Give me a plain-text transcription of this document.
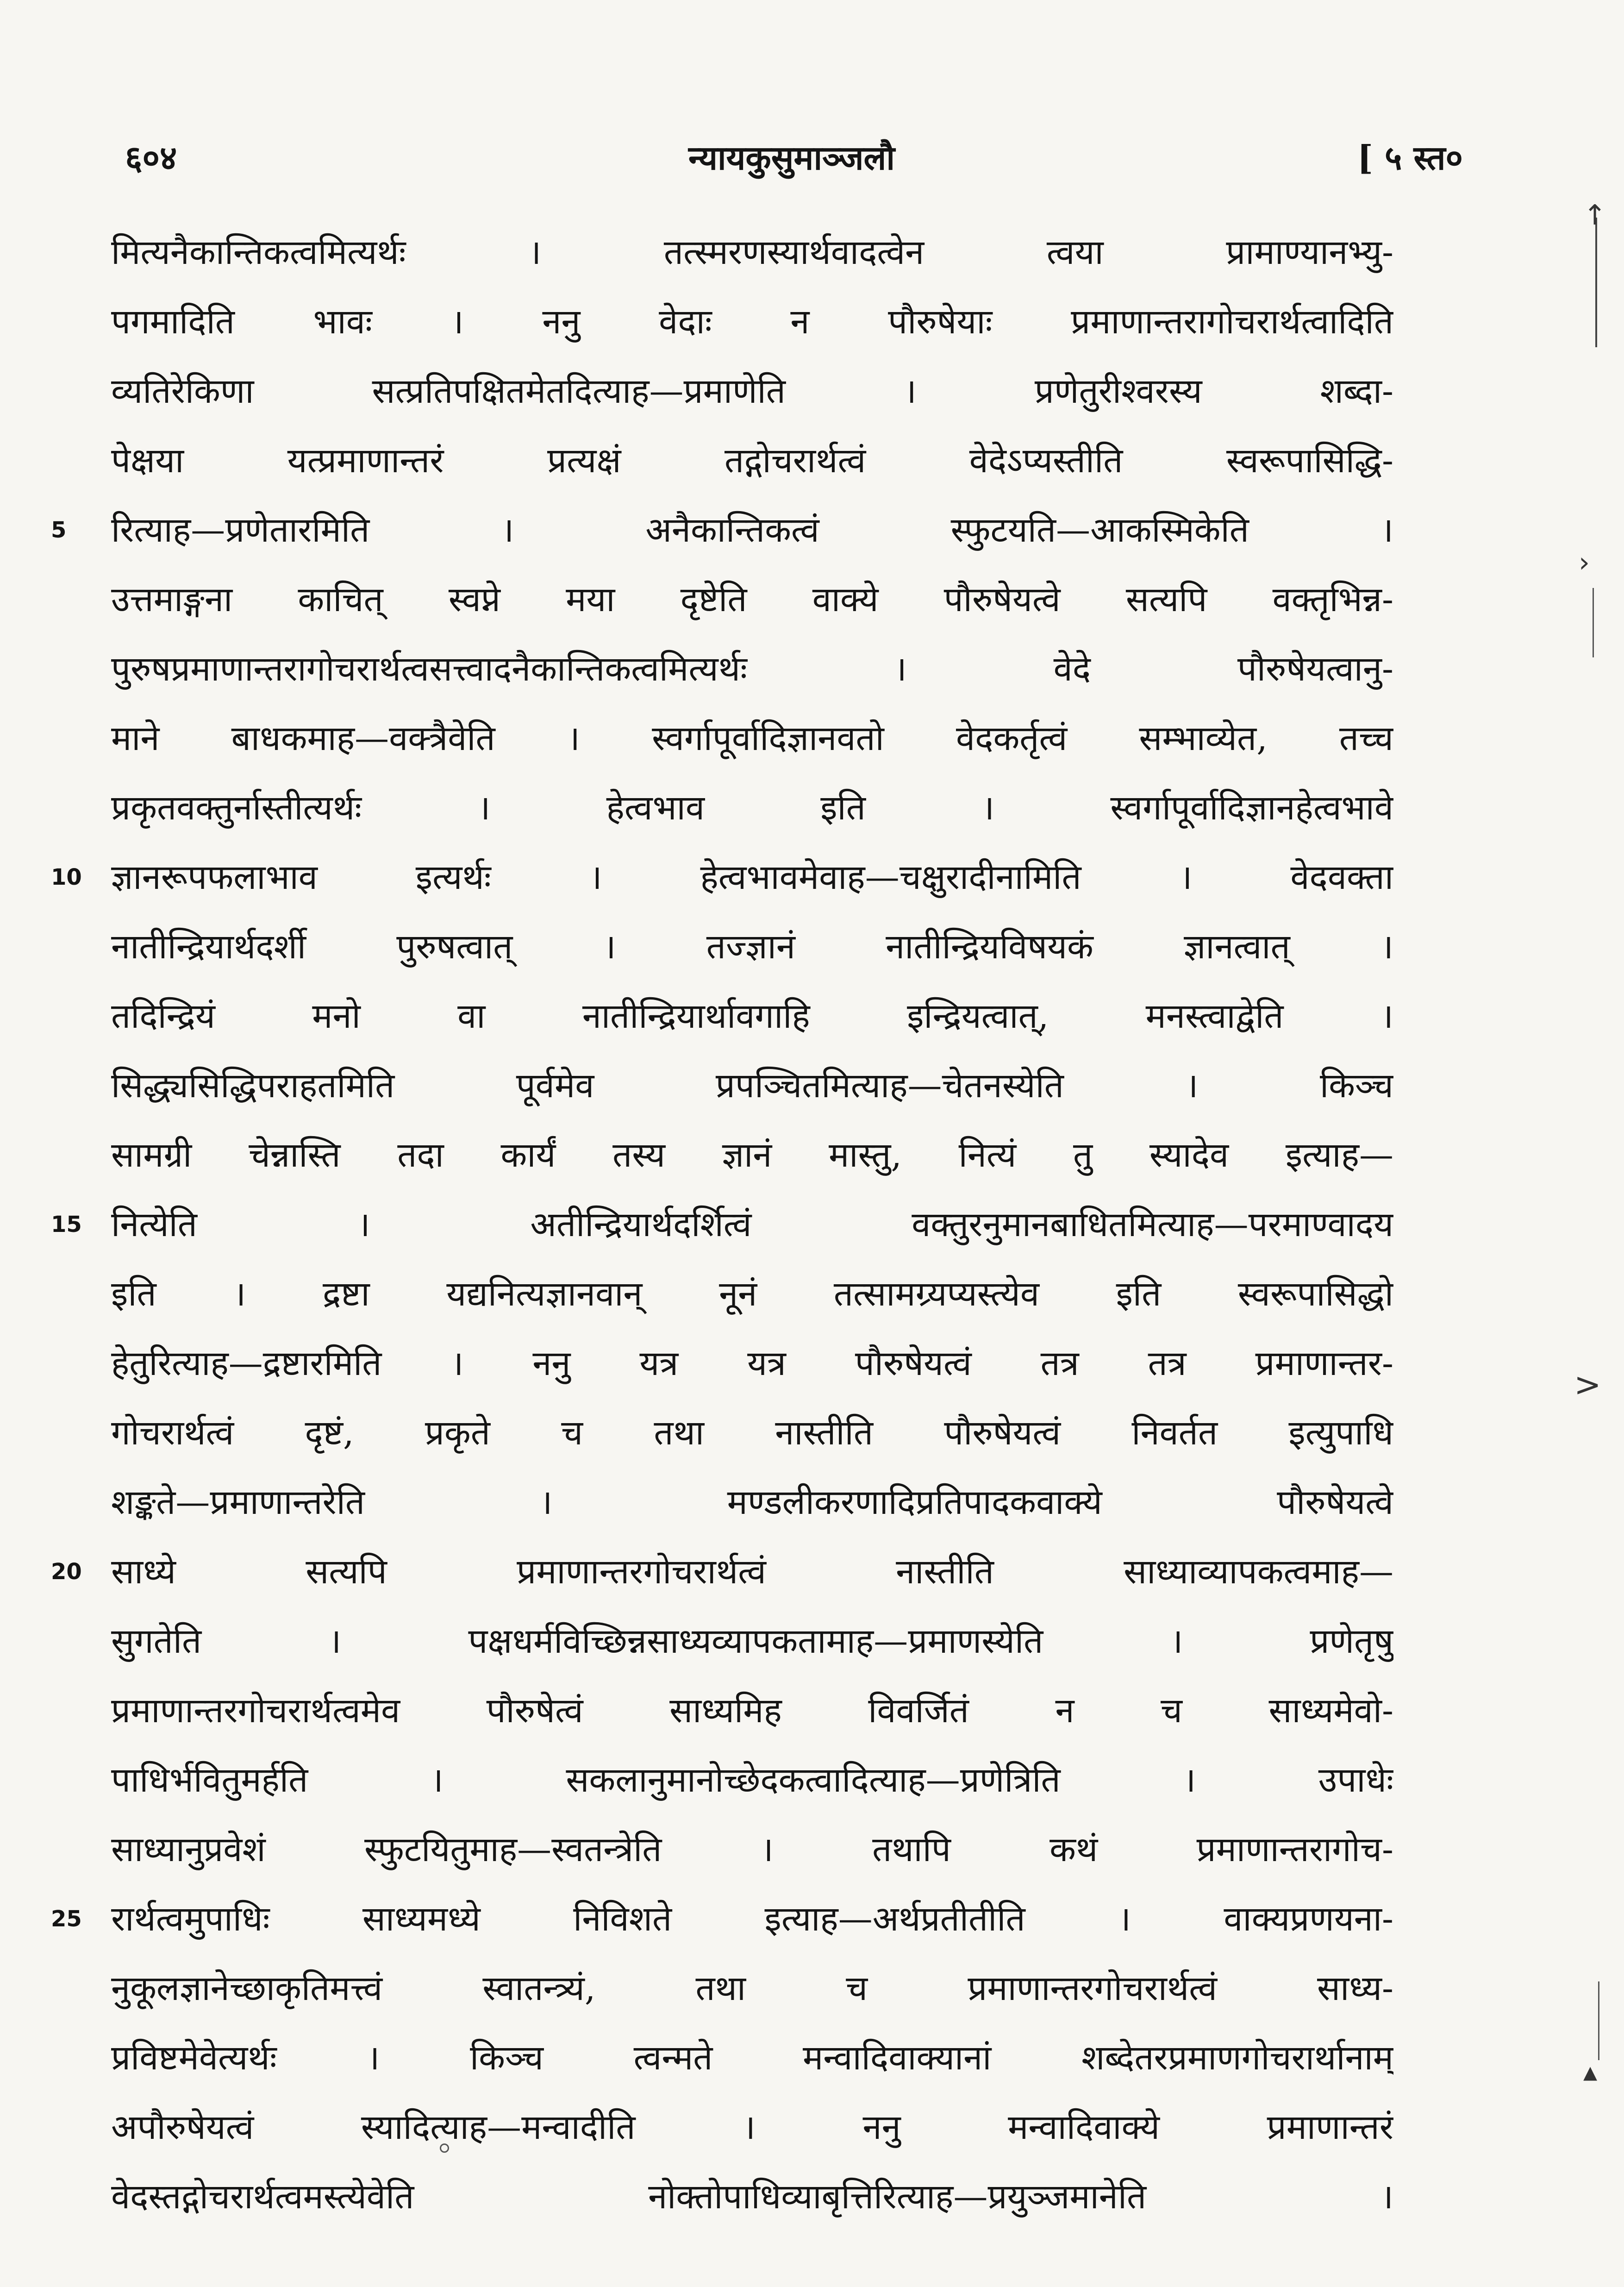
६०४	न्यायकुसुमाञ्जलौ	[ ५ स्त०
मित्यनैकान्तिकत्वमित्यर्थः । तत्स्मरणस्यार्थवादत्वेन त्वया प्रामाण्यानभ्यु-
पगमादिति भावः । ननु वेदाः न पौरुषेयाः प्रमाणान्तरागोचरार्थत्वादिति
व्यतिरेकिणा सत्प्रतिपक्षितमेतदित्याह—प्रमाणेति । प्रणेतुरीश्वरस्य शब्दा-
पेक्षया यत्प्रमाणान्तरं प्रत्यक्षं तद्गोचरार्थत्वं वेदेऽप्यस्तीति स्वरूपासिद्धि-
5	रित्याह—प्रणेतारमिति । अनैकान्तिकत्वं स्फुटयति—आकस्मिकेति ।
उत्तमाङ्गना काचित् स्वप्ने मया दृष्टेति वाक्ये पौरुषेयत्वे सत्यपि वक्तृभिन्न-
पुरुषप्रमाणान्तरागोचरार्थत्वसत्त्वादनैकान्तिकत्वमित्यर्थः । वेदे पौरुषेयत्वानु-
माने बाधकमाह—वक्त्रैवेति । स्वर्गापूर्वादिज्ञानवतो वेदकर्तृत्वं सम्भाव्येत, तच्च
प्रकृतवक्तुर्नास्तीत्यर्थः । हेत्वभाव इति । स्वर्गापूर्वादिज्ञानहेत्वभावे
10 ज्ञानरूपफलाभाव इत्यर्थः । हेत्वभावमेवाह—चक्षुरादीनामिति । वेदवक्ता
नातीन्द्रियार्थदर्शी पुरुषत्वात् । तज्ज्ञानं नातीन्द्रियविषयकं ज्ञानत्वात् ।
तदिन्द्रियं मनो वा नातीन्द्रियार्थावगाहि इन्द्रियत्वात्, मनस्त्वाद्वेति ।
सिद्ध्यसिद्धिपराहतमिति पूर्वमेव प्रपञ्चितमित्याह—चेतनस्येति । किञ्च
सामग्री चेन्नास्ति तदा कार्यं तस्य ज्ञानं मास्तु, नित्यं तु स्यादेव इत्याह—
15 नित्येति । अतीन्द्रियार्थदर्शित्वं वक्तुरनुमानबाधितमित्याह—परमाण्वादय
इति । द्रष्टा यद्यनित्यज्ञानवान् नूनं तत्सामग्र्यप्यस्त्येव इति स्वरूपासिद्धो
हेतुरित्याह—द्रष्टारमिति । ननु यत्र यत्र पौरुषेयत्वं तत्र तत्र प्रमाणान्तर-
गोचरार्थत्वं दृष्टं, प्रकृते च तथा नास्तीति पौरुषेयत्वं निवर्तत इत्युपाधि
शङ्कते—प्रमाणान्तरेति । मण्डलीकरणादिप्रतिपादकवाक्ये पौरुषेयत्वे
20 साध्ये सत्यपि प्रमाणान्तरगोचरार्थत्वं नास्तीति साध्याव्यापकत्वमाह—
सुगतेति । पक्षधर्मविच्छिन्नसाध्यव्यापकतामाह—प्रमाणस्येति । प्रणेतृषु
प्रमाणान्तरगोचरार्थत्वमेव पौरुषेत्वं साध्यमिह विवर्जितं न च साध्यमेवो-
पाधिर्भवितुमर्हति । सकलानुमानोच्छेदकत्वादित्याह—प्रणेत्रिति । उपाधेः
साध्यानुप्रवेशं स्फुटयितुमाह—स्वतन्त्रेति । तथापि कथं प्रमाणान्तरागोच-
25 रार्थत्वमुपाधिः साध्यमध्ये निविशते इत्याह—अर्थप्रतीतीति । वाक्यप्रणयना-
नुकूलज्ञानेच्छाकृतिमत्त्वं स्वातन्त्र्यं, तथा च प्रमाणान्तरगोचरार्थत्वं साध्य-
प्रविष्टमेवेत्यर्थः । किञ्च त्वन्मते मन्वादिवाक्यानां शब्देतरप्रमाणगोचरार्थानाम्
अपौरुषेयत्वं स्यादित्याह—मन्वादीति । ननु मन्वादिवाक्ये प्रमाणान्तरं
वेदस्तद्गोचरार्थत्वमस्त्येवेति नोक्तोपाधिव्याबृत्तिरित्याह—प्रयुञ्जमानेति ।
↑
›
>
▴
